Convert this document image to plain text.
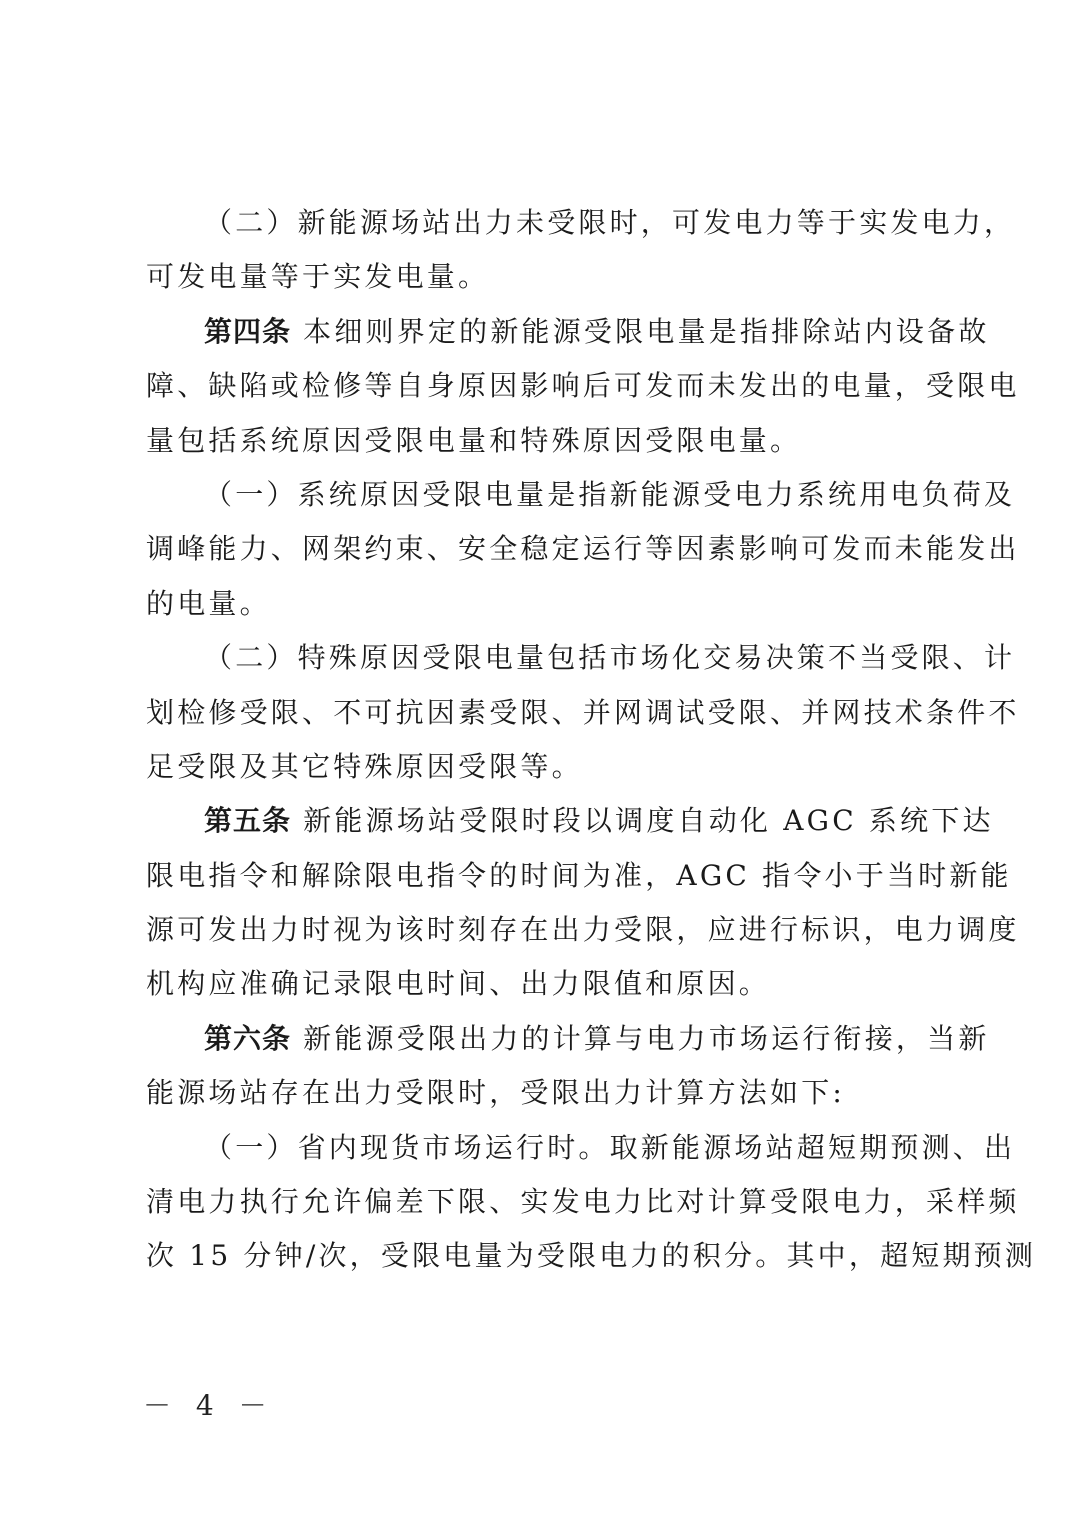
（二）新能源场站出力未受限时，可发电力等于实发电力，
可发电量等于实发电量。
第四条 本细则界定的新能源受限电量是指排除站内设备故
障、缺陷或检修等自身原因影响后可发而未发出的电量，受限电
量包括系统原因受限电量和特殊原因受限电量。
（一）系统原因受限电量是指新能源受电力系统用电负荷及
调峰能力、网架约束、安全稳定运行等因素影响可发而未能发出
的电量。
（二）特殊原因受限电量包括市场化交易决策不当受限、计
划检修受限、不可抗因素受限、并网调试受限、并网技术条件不
足受限及其它特殊原因受限等。
第五条 新能源场站受限时段以调度自动化 AGC 系统下达
限电指令和解除限电指令的时间为准，AGC 指令小于当时新能
源可发出力时视为该时刻存在出力受限，应进行标识，电力调度
机构应准确记录限电时间、出力限值和原因。
第六条 新能源受限出力的计算与电力市场运行衔接，当新
能源场站存在出力受限时，受限出力计算方法如下:
（一）省内现货市场运行时。取新能源场站超短期预测、出
清电力执行允许偏差下限、实发电力比对计算受限电力，采样频
次 15 分钟/次，受限电量为受限电力的积分。其中，超短期预测
－ 4 －
